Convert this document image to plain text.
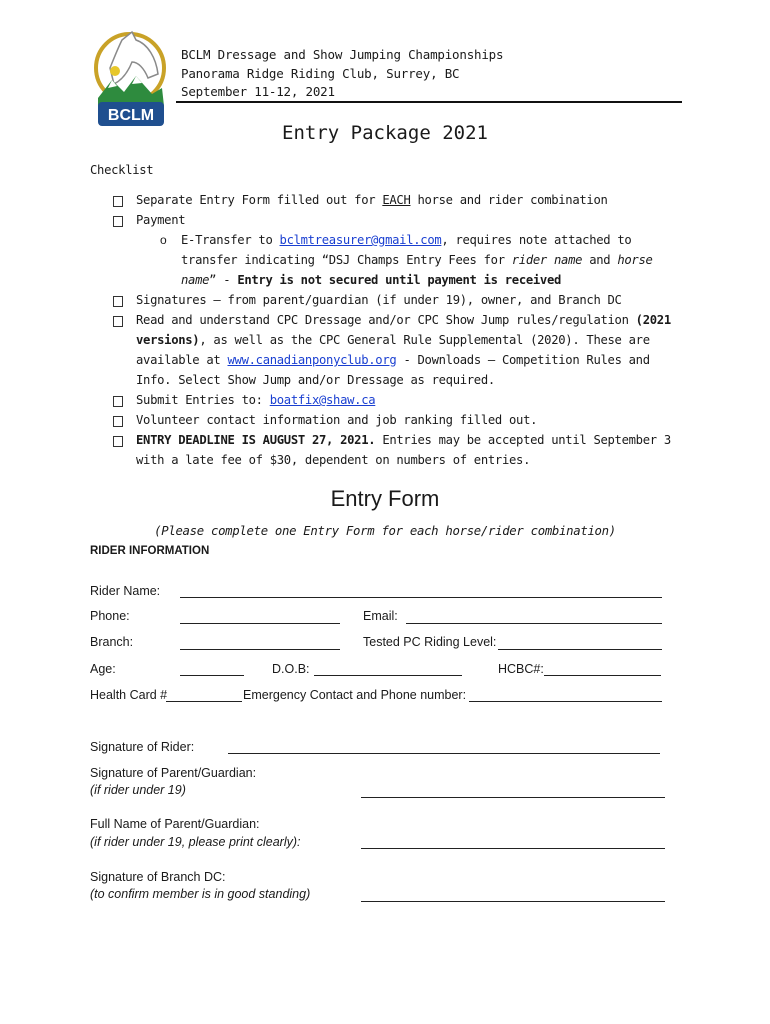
BCLM
BCLM Dressage and Show Jumping Championships
Panorama Ridge Riding Club, Surrey, BC
September 11-12, 2021
Entry Package 2021
Checklist
Separate Entry Form filled out for EACH horse and rider combination
Payment
o E-Transfer to bclmtreasurer@gmail.com, requires note attached to
transfer indicating “DSJ Champs Entry Fees for rider name and horse
name” - Entry is not secured until payment is received
Signatures – from parent/guardian (if under 19), owner, and Branch DC
Read and understand CPC Dressage and/or CPC Show Jump rules/regulation (2021
versions), as well as the CPC General Rule Supplemental (2020). These are
available at www.canadianponyclub.org - Downloads – Competition Rules and
Info. Select Show Jump and/or Dressage as required.
Submit Entries to: boatfix@shaw.ca
Volunteer contact information and job ranking filled out.
ENTRY DEADLINE IS AUGUST 27, 2021. Entries may be accepted until September 3
with a late fee of $30, dependent on numbers of entries.
Entry Form
(Please complete one Entry Form for each horse/rider combination)
RIDER INFORMATION
Rider Name:
Phone:	Email:
Branch:	Tested PC Riding Level:
Age:	D.O.B:	HCBC#:
Health Card #	Emergency Contact and Phone number:
Signature of Rider:
Signature of Parent/Guardian:
(if rider under 19)
Full Name of Parent/Guardian:
(if rider under 19, please print clearly):
Signature of Branch DC:
(to confirm member is in good standing)
